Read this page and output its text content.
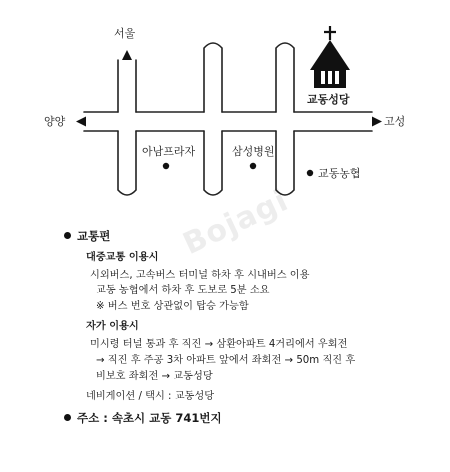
서울
양양	고성
교동성당
아남프라자	삼성병원
교동농협
Bojagi

교통편

대중교통 이용시
시외버스, 고속버스 터미널 하차 후 시내버스 이용
교동 농협에서 하차 후 도보로 5분 소요
※ 버스 번호 상관없이 탑승 가능함
자가 이용시
미시령 터널 통과 후 직진 → 삼환아파트 4거리에서 우회전
→ 직진 후 주공 3차 아파트 앞에서 좌회전 → 50m 직진 후
비보호 좌회전 → 교동성당
네비게이션 / 택시 : 교동성당

주소 : 속초시 교동 741번지
